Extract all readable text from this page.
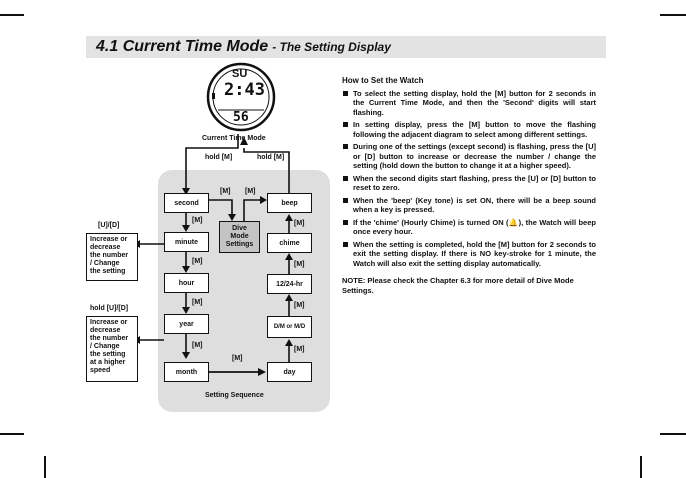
4.1 Current Time Mode - The Setting Display
SU
2:43
56
Current Time Mode
hold [M]	hold [M]
[M] [M]
[M]
[M]
[M]
[M]
[M]
[M]
[M]
[M]
[M]
second
minute
hour
year
month
beep
chime
12/24-hr
D/M or M/D
day
Dive
Mode
Settings
Setting Sequence
[U]/[D]
Increase or
decrease
the number
/ Change
the setting
hold [U]/[D]
Increase or
decrease
the number
/ Change
the setting
at a higher
speed
How to Set the Watch
To select the setting display, hold the [M] button for 2 seconds in the Current Time Mode, and then the 'Second' digits will start flashing.
In setting display, press the [M] button to move the flashing following the adjacent diagram to select among different settings.
During one of the settings (except second) is flashing, press the [U] or [D] button to increase or decrease the number / change the setting (hold down the button to change it at a higher speed).
When the second digits start flashing, press the [U] or [D] button to reset to zero.
When the 'beep' (Key tone) is set ON, there will be a beep sound when a key is pressed.
If the 'chime' (Hourly Chime) is turned ON (🔔), the Watch will beep once every hour.
When the setting is completed, hold the [M] button for 2 seconds to exit the setting display. If there is NO key-stroke for 1 minute, the Watch will also exit the setting display automatically.
NOTE: Please check the Chapter 6.3 for more detail of Dive Mode Settings.
